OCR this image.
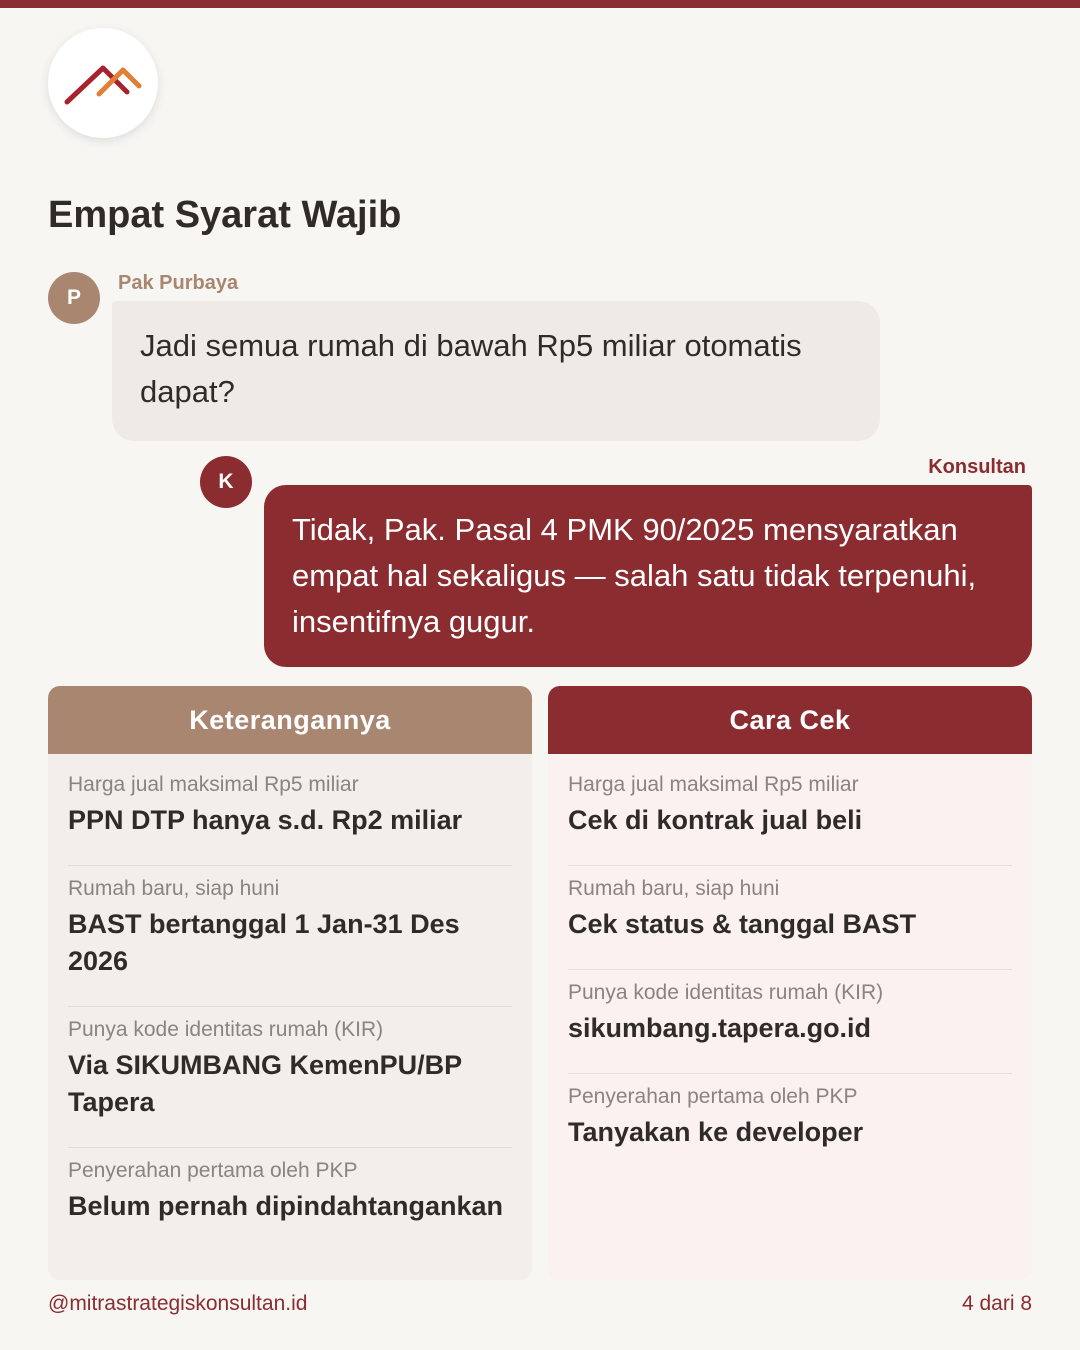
Empat Syarat Wajib
P
Pak Purbaya
Jadi semua rumah di bawah Rp5 miliar otomatis dapat?
K
Konsultan
Tidak, Pak. Pasal 4 PMK 90/2025 mensyaratkan empat hal sekaligus — salah satu tidak terpenuhi, insentifnya gugur.
Keterangannya
Harga jual maksimal Rp5 miliar
PPN DTP hanya s.d. Rp2 miliar
Rumah baru, siap huni
BAST bertanggal 1 Jan-31 Des 2026
Punya kode identitas rumah (KIR)
Via SIKUMBANG KemenPU/BP Tapera
Penyerahan pertama oleh PKP
Belum pernah dipindahtangankan
Cara Cek
Harga jual maksimal Rp5 miliar
Cek di kontrak jual beli
Rumah baru, siap huni
Cek status & tanggal BAST
Punya kode identitas rumah (KIR)
sikumbang.tapera.go.id
Penyerahan pertama oleh PKP
Tanyakan ke developer
@mitrastrategiskonsultan.id	4 dari 8
